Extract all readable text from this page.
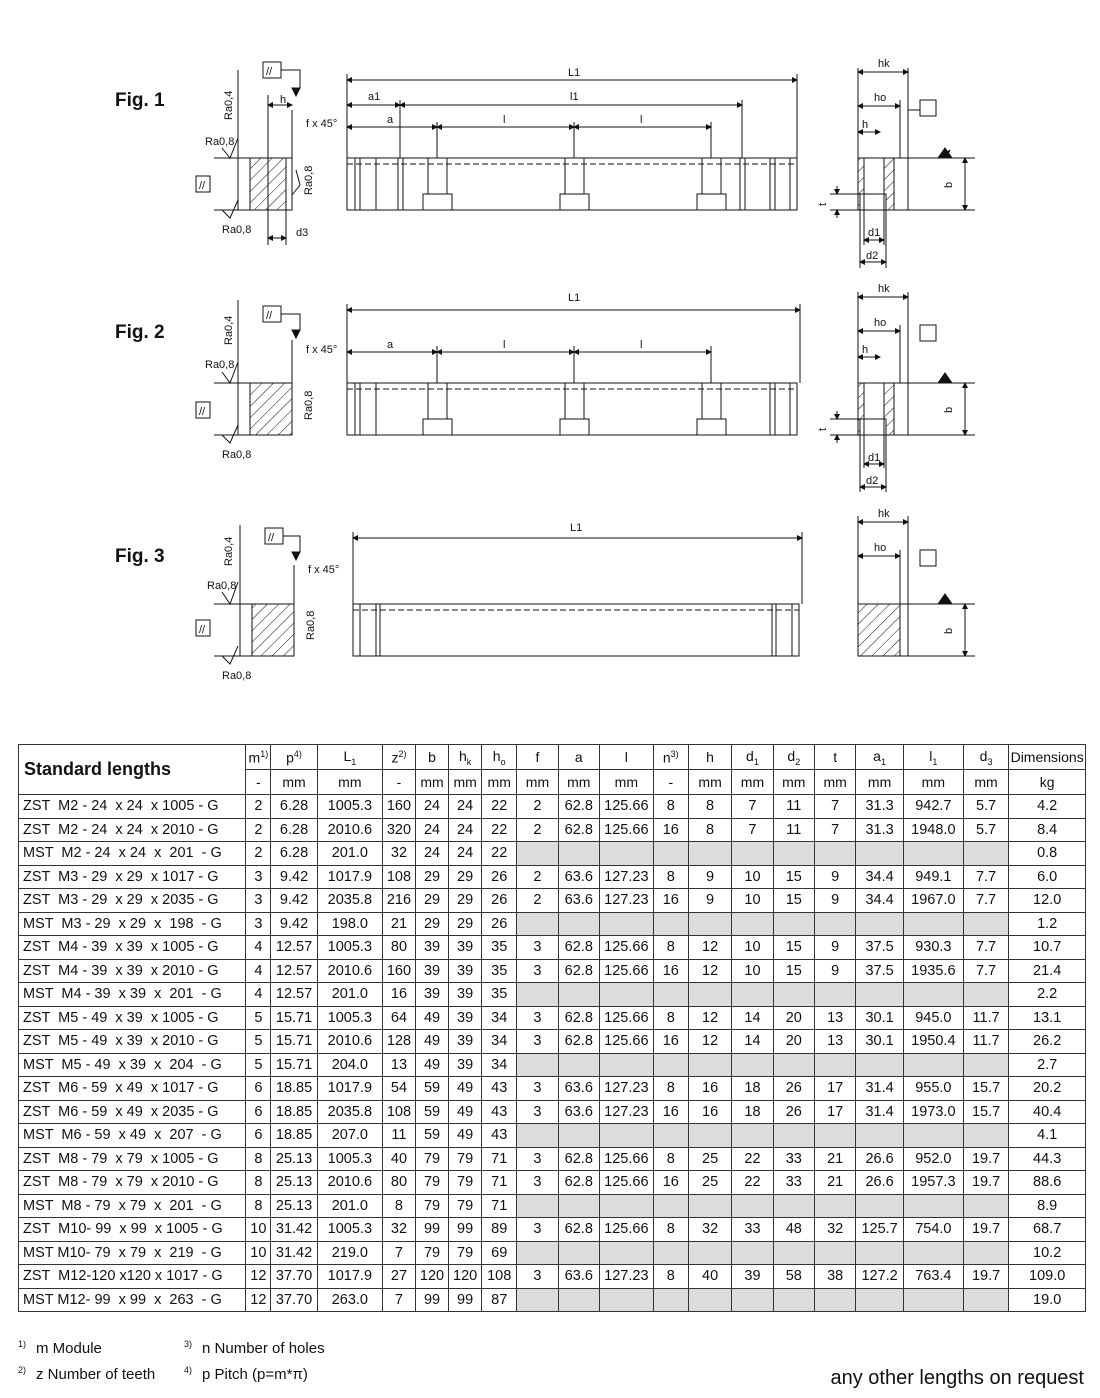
Fig. 1
Fig. 2
Fig. 3
//
//
Ra0,4
Ra0,8
Ra0,8
Ra0,8
h
f x 45°
d3
L1
a1	l1
a	l	l
hk
ho
h
b
t
d1
d2
//
//
Ra0,4
Ra0,8
Ra0,8
Ra0,8
f x 45°
L1
a	l	l
hk
ho
h
b
t
d1
d2
//
//
Ra0,4
Ra0,8
Ra0,8
Ra0,8
f x 45°
L1
hk
ho
b
Standard lengths	$m^{1)}$	$p^{4)}$	$L_1$	$z^{2)}$	b	$h_k$	$h_o$	f	a	l	$n^{3)}$	h	$d_1$	$d_2$	t	$a_1$	$l_1$	$d_3$	Dimensions
	-	mm	mm	-	mm	mm	mm	mm	mm	mm	-	mm	mm	mm	mm	mm	mm	mm	kg
ZST  M2 - 24  x 24  x 1005 - G	2	6.28	1005.3	160	24	24	22	2	62.8	125.66	8	8	7	11	7	31.3	942.7	5.7	4.2
ZST  M2 - 24  x 24  x 2010 - G	2	6.28	2010.6	320	24	24	22	2	62.8	125.66	16	8	7	11	7	31.3	1948.0	5.7	8.4
MST  M2 - 24  x 24  x  201  - G	2	6.28	201.0	32	24	24	22												0.8
ZST  M3 - 29  x 29  x 1017 - G	3	9.42	1017.9	108	29	29	26	2	63.6	127.23	8	9	10	15	9	34.4	949.1	7.7	6.0
ZST  M3 - 29  x 29  x 2035 - G	3	9.42	2035.8	216	29	29	26	2	63.6	127.23	16	9	10	15	9	34.4	1967.0	7.7	12.0
MST  M3 - 29  x 29  x  198  - G	3	9.42	198.0	21	29	29	26												1.2
ZST  M4 - 39  x 39  x 1005 - G	4	12.57	1005.3	80	39	39	35	3	62.8	125.66	8	12	10	15	9	37.5	930.3	7.7	10.7
ZST  M4 - 39  x 39  x 2010 - G	4	12.57	2010.6	160	39	39	35	3	62.8	125.66	16	12	10	15	9	37.5	1935.6	7.7	21.4
MST  M4 - 39  x 39  x  201  - G	4	12.57	201.0	16	39	39	35												2.2
ZST  M5 - 49  x 39  x 1005 - G	5	15.71	1005.3	64	49	39	34	3	62.8	125.66	8	12	14	20	13	30.1	945.0	11.7	13.1
ZST  M5 - 49  x 39  x 2010 - G	5	15.71	2010.6	128	49	39	34	3	62.8	125.66	16	12	14	20	13	30.1	1950.4	11.7	26.2
MST  M5 - 49  x 39  x  204  - G	5	15.71	204.0	13	49	39	34												2.7
ZST  M6 - 59  x 49  x 1017 - G	6	18.85	1017.9	54	59	49	43	3	63.6	127.23	8	16	18	26	17	31.4	955.0	15.7	20.2
ZST  M6 - 59  x 49  x 2035 - G	6	18.85	2035.8	108	59	49	43	3	63.6	127.23	16	16	18	26	17	31.4	1973.0	15.7	40.4
MST  M6 - 59  x 49  x  207  - G	6	18.85	207.0	11	59	49	43												4.1
ZST  M8 - 79  x 79  x 1005 - G	8	25.13	1005.3	40	79	79	71	3	62.8	125.66	8	25	22	33	21	26.6	952.0	19.7	44.3
ZST  M8 - 79  x 79  x 2010 - G	8	25.13	2010.6	80	79	79	71	3	62.8	125.66	16	25	22	33	21	26.6	1957.3	19.7	88.6
MST  M8 - 79  x 79  x  201  - G	8	25.13	201.0	8	79	79	71												8.9
ZST  M10- 99  x 99  x 1005 - G	10	31.42	1005.3	32	99	99	89	3	62.8	125.66	8	32	33	48	32	125.7	754.0	19.7	68.7
MST M10- 79  x 79  x  219  - G	10	31.42	219.0	7	79	79	69												10.2
ZST  M12-120 x120 x 1017 - G	12	37.70	1017.9	27	120	120	108	3	63.6	127.23	8	40	39	58	38	127.2	763.4	19.7	109.0
MST M12- 99  x 99  x  263  - G	12	37.70	263.0	7	99	99	87												19.0
$^{1)}$ m Module
$^{2)}$ z Number of teeth
$^{3)}$ n Number of holes
$^{4)}$ p Pitch (p=m*π)	any other lengths on request
